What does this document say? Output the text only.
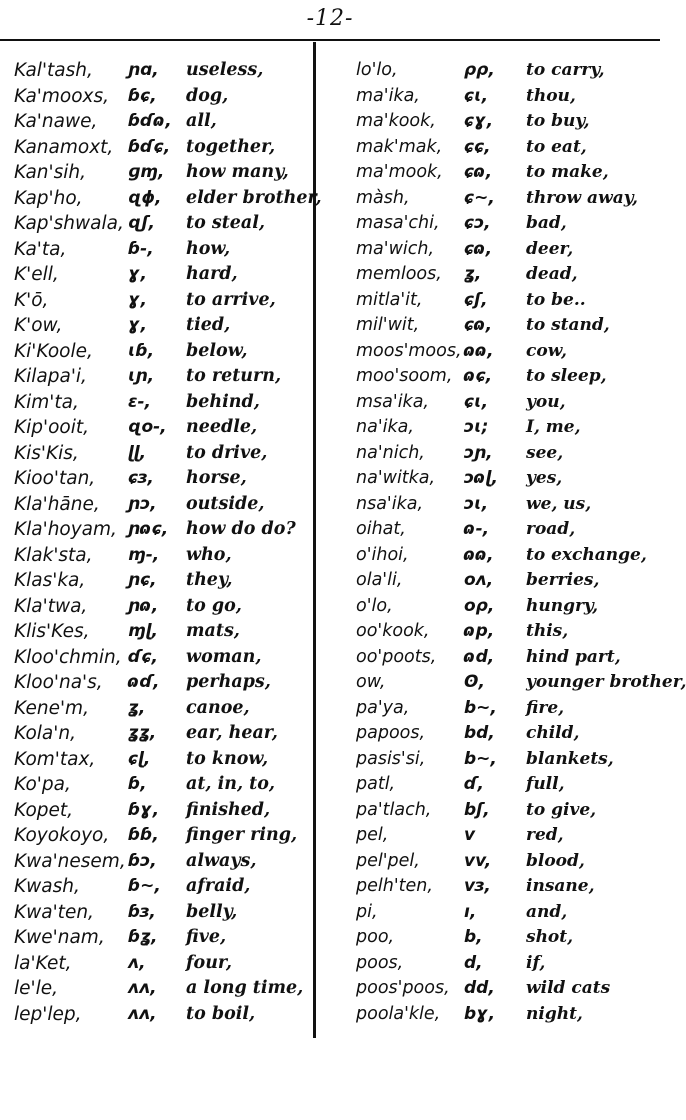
-12-
Kal'tash, ɲɑ, useless,
Ka'mooxs, ɓɕ, dog,
Ka'nawe, ɓɗɷ, all,
Kanamoxt, ɓɗɕ, together,
Kan'sih, ɡɱ, how many,
Kap'ho,	ɋɸ, elder brother,
Kap'shwala, ɋʃ, to steal,
Ka'ta,	ɓ-, how,
K'ell,	ɣ, hard,
K'ō,	ɣ, to arrive,
K'ow,	ɣ, tied,
Ki'Koole, ɩɓ, below,
Kilapa'i, ɩɲ, to return,
Kim'ta,	ɛ-, behind,
Kip'ooit, ɋo-, needle,
Kis'Kis,	ɭɭ, to drive,
Kioo'tan, ɕɜ, horse,
Kla'hāne, ɲɔ, outside,
Kla'hoyam, ɲɷɕ, how do do?
Klak'sta, ɱ-, who,
Klas'ka,	ɲɕ, they,
Kla'twa, ɲɷ, to go,
Klis'Kes, ɱɭ, mats,
Kloo'chmin, ɗɕ, woman,
Kloo'na's, ɷɗ, perhaps,
Kene'm, ʓ, canoe,
Kola'n,	ʓʓ, ear, hear,
Kom'tax, ɕɭ, to know,
Ko'pa,	ɓ, at, in, to,
Kopet,	ɓɣ, finished,
Koyokoyo, ɓɓ, finger ring,
Kwa'nesem, ɓɔ, always,
Kwash,	ɓ~, afraid,
Kwa'ten, ɓɜ, belly,
Kwe'nam, ɓʓ, five,
la'Ket,	ʌ, four,
le'le,	ʌʌ, a long time,
lep'lep,	ʌʌ, to boil,
lo'lo,	ρρ, to carry,
ma'ika,	ɕɩ, thou,
ma'kook, ɕɣ, to buy,
mak'mak, ɕɕ, to eat,
ma'mook, ɕɷ, to make,
màsh,	ɕ~, throw away,
masa'chi, ɕɔ, bad,
ma'wich, ɕɷ, deer,
memloos, ʓ,	dead,
mitla'it, ɕʃ, to be..
mil'wit,	ɕɷ, to stand,
moos'moos, ɷɷ, cow,
moo'soom, ɷɕ, to sleep,
msa'ika, ɕɩ, you,
na'ika,	ɔɩ; I, me,
na'nich, ɔɲ, see,
na'witka, ɔɷɭ, yes,
nsa'ika, ɔɩ, we, us,
oihat,	ɷ-, road,
o'ihoi,	ɷɷ, to exchange,
ola'li,	oʌ, berries,
o'lo,	oρ, hungry,
oo'kook, ɷp, this,
oo'poots, ɷd, hind part,
ow,	ʘ, younger brother,
pa'ya,	b~, fire,
papoos, bd, child,
pasis'si, b~, blankets,
patl,	ɗ, full,
pa'tlach, bʃ, to give,
pel,	v	red,
pel'pel,	vv, blood,
pelh'ten, vɜ, insane,
pi,	ı,	and,
poo,	b,	shot,
poos,	d,	if,
poos'poos, dd, wild cats
poola'kle, bɣ, night,
